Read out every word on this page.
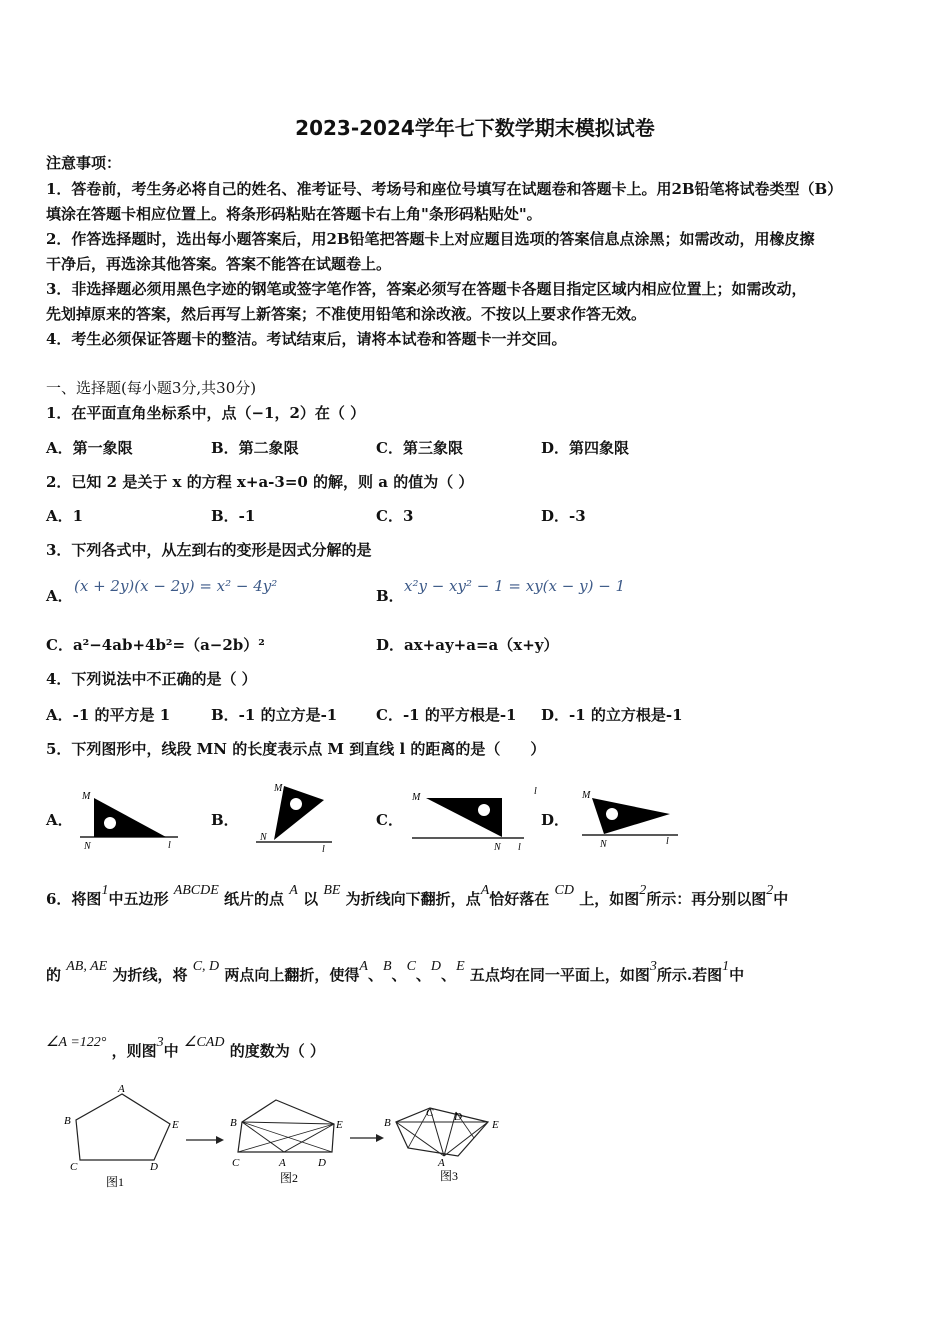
2023-2024学年七下数学期末模拟试卷
注意事项：
1．答卷前，考生务必将自己的姓名、准考证号、考场号和座位号填写在试题卷和答题卡上。用2B铅笔将试卷类型（B）
填涂在答题卡相应位置上。将条形码粘贴在答题卡右上角"条形码粘贴处"。
2．作答选择题时，选出每小题答案后，用2B铅笔把答题卡上对应题目选项的答案信息点涂黑；如需改动，用橡皮擦
干净后，再选涂其他答案。答案不能答在试题卷上。
3．非选择题必须用黑色字迹的钢笔或签字笔作答，答案必须写在答题卡各题目指定区域内相应位置上；如需改动，
先划掉原来的答案，然后再写上新答案；不准使用铅笔和涂改液。不按以上要求作答无效。
4．考生必须保证答题卡的整洁。考试结束后，请将本试卷和答题卡一并交回。
一、选择题(每小题3分,共30分)
1．在平面直角坐标系中，点（−1，2）在（ ）
A．第一象限	B．第二象限	C．第三象限	D．第四象限
2．已知 2 是关于 x 的方程 x+a-3=0 的解，则 a 的值为（ ）
A．1	B．-1	C．3	D．-3
3．下列各式中，从左到右的变形是因式分解的是
A．
(x + 2y)(x − 2y) = x² − 4y²
B．
x²y − xy² − 1 = xy(x − y) − 1
C．a²−4ab+4b²=（a−2b）²	D．ax+ay+a=a（x+y）
4．下列说法中不正确的是（ ）
A．-1 的平方是 1	B．-1 的立方是-1	C．-1 的平方根是-1 D．-1 的立方根是-1
5．下列图形中，线段 MN 的长度表示点 M 到直线 l 的距离的是（　　）
A．	B．	C．	D．
M
N	l
M
N
l
M
N l
l	M
N	l
6．将图1中五边形 ABCDE 纸片的点 A 以 BE 为折线向下翻折，点A恰好落在 CD 上，如图2所示：再分别以图2中
的 AB, AE 为折线，将 C, D 两点向上翻折，使得A、B、C、D、E 五点均在同一平面上，如图3所示.若图1中
∠A =122° ，则图3中 ∠CAD 的度数为（ ）
A
B
C	D
E
图1
B	E
C	A	D
图2
B
C D
E
A
图3
